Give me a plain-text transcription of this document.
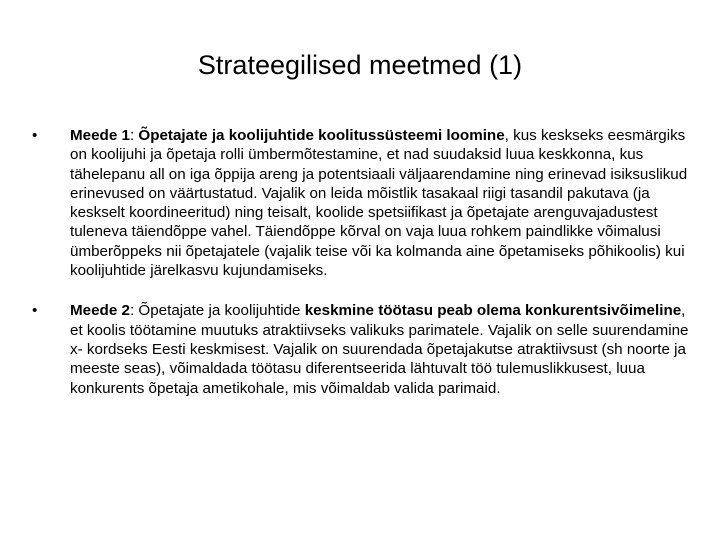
Strateegilised meetmed (1)
• Meede 1: Õpetajate ja koolijuhtide koolitussüsteemi loomine, kus keskseks eesmärgiks on koolijuhi ja õpetaja rolli ümbermõtestamine, et nad suudaksid luua keskkonna, kus tähelepanu all on iga õppija areng ja potentsiaali väljaarendamine ning erinevad isiksuslikud erinevused on väärtustatud. Vajalik on leida mõistlik tasakaal riigi tasandil pakutava (ja keskselt koordineeritud) ning teisalt, koolide spetsiifikast ja õpetajate arenguvajadustest tuleneva täiendõppe vahel. Täiendõppe kõrval on vaja luua rohkem paindlikke võimalusi ümberõppeks nii õpetajatele (vajalik teise või ka kolmanda aine õpetamiseks põhikoolis) kui koolijuhtide järelkasvu kujundamiseks.
• Meede 2: Õpetajate ja koolijuhtide keskmine töötasu peab olema konkurentsivõimeline, et koolis töötamine muutuks atraktiivseks valikuks parimatele. Vajalik on selle suurendamine x- kordseks Eesti keskmisest. Vajalik on suurendada õpetajakutse atraktiivsust (sh noorte ja meeste seas), võimaldada töötasu diferentseerida lähtuvalt töö tulemuslikkusest, luua konkurents õpetaja ametikohale, mis võimaldab valida parimaid.
